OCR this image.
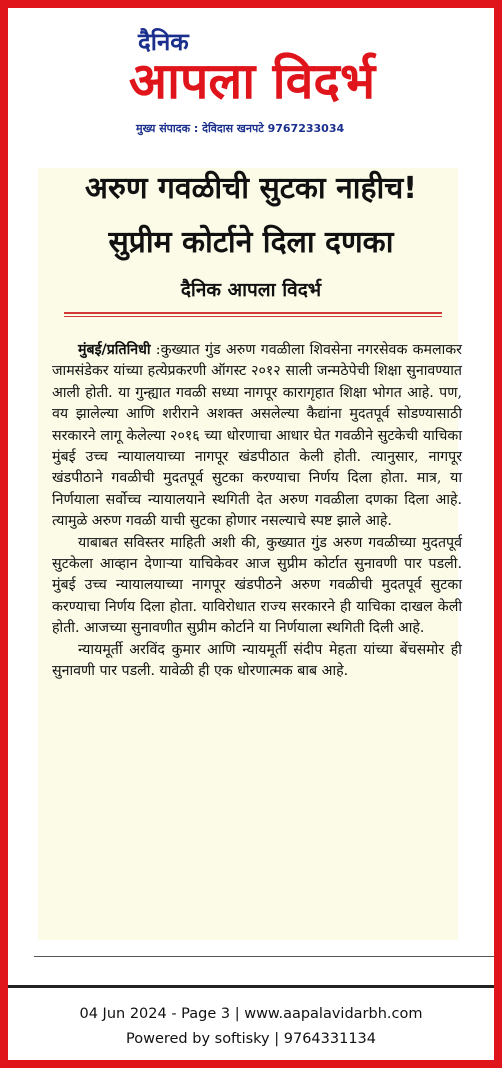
दैनिक
आपला विदर्भ
मुख्य संपादक : देविदास खनपटे 9767233034
अरुण गवळीची सुटका नाहीच!
सुप्रीम कोर्टाने दिला दणका
दैनिक आपला विदर्भ

मुंबई/प्रतिनिधी :कुख्यात गुंड अरुण गवळीला शिवसेना नगरसेवक कमलाकर जामसंडेकर यांच्या हत्येप्रकरणी ऑगस्ट २०१२ साली जन्मठेपेची शिक्षा सुनावण्यात आली होती. या गुन्ह्यात गवळी सध्या नागपूर कारागृहात शिक्षा भोगत आहे. पण, वय झालेल्या आणि शरीराने अशक्त असलेल्या कैद्यांना मुदतपूर्व सोडण्यासाठी सरकारने लागू केलेल्या २०१६ च्या धोरणाचा आधार घेत गवळीने सुटकेची याचिका मुंबई उच्च न्यायालयाच्या नागपूर खंडपीठात केली होती. त्यानुसार, नागपूर खंडपीठाने गवळीची मुदतपूर्व सुटका करण्याचा निर्णय दिला होता. मात्र, या निर्णयाला सर्वोच्च न्यायालयाने स्थगिती देत अरुण गवळीला दणका दिला आहे. त्यामुळे अरुण गवळी याची सुटका होणार नसल्याचे स्पष्ट झाले आहे.

याबाबत सविस्तर माहिती अशी की, कुख्यात गुंड अरुण गवळीच्या मुदतपूर्व सुटकेला आव्हान देणाऱ्या याचिकेवर आज सुप्रीम कोर्टात सुनावणी पार पडली. मुंबई उच्च न्यायालयाच्या नागपूर खंडपीठने अरुण गवळीची मुदतपूर्व सुटका करण्याचा निर्णय दिला होता. याविरोधात राज्य सरकारने ही याचिका दाखल केली होती. आजच्या सुनावणीत सुप्रीम कोर्टाने या निर्णयाला स्थगिती दिली आहे.

न्यायमूर्ती अरविंद कुमार आणि न्यायमूर्ती संदीप मेहता यांच्या बेंचसमोर ही सुनावणी पार पडली. यावेळी ही एक धोरणात्मक बाब आहे.

04 Jun 2024 - Page 3 | www.aapalavidarbh.com
Powered by softisky | 9764331134
